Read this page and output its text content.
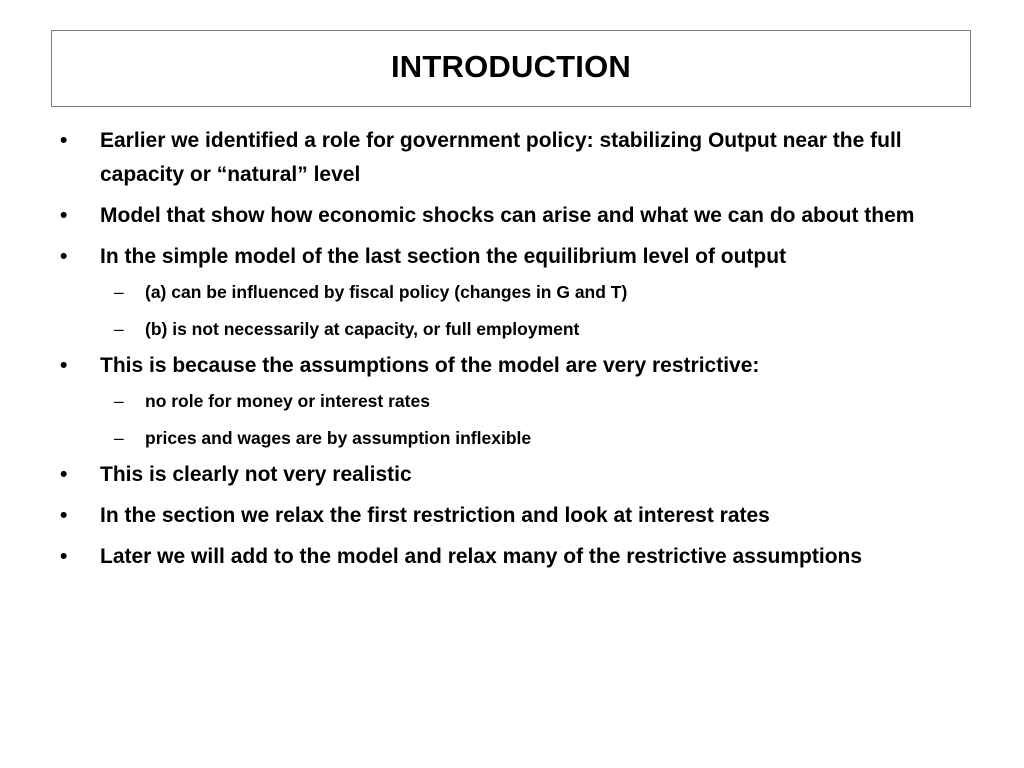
INTRODUCTION
• Earlier we identified a role for government policy: stabilizing Output near the full capacity or “natural” level
• Model that show how economic shocks can arise and what we can do about them
• In the simple model of the last section the equilibrium level of output
– (a) can be influenced by fiscal policy (changes in G and T)
– (b) is not necessarily at capacity, or full employment
• This is because the assumptions of the model are very restrictive:
– no role for money or interest rates
– prices and wages are by assumption inflexible
• This is clearly not very realistic
• In the section we relax the first restriction and look at interest rates
• Later we will add to the model and relax many of the restrictive assumptions
